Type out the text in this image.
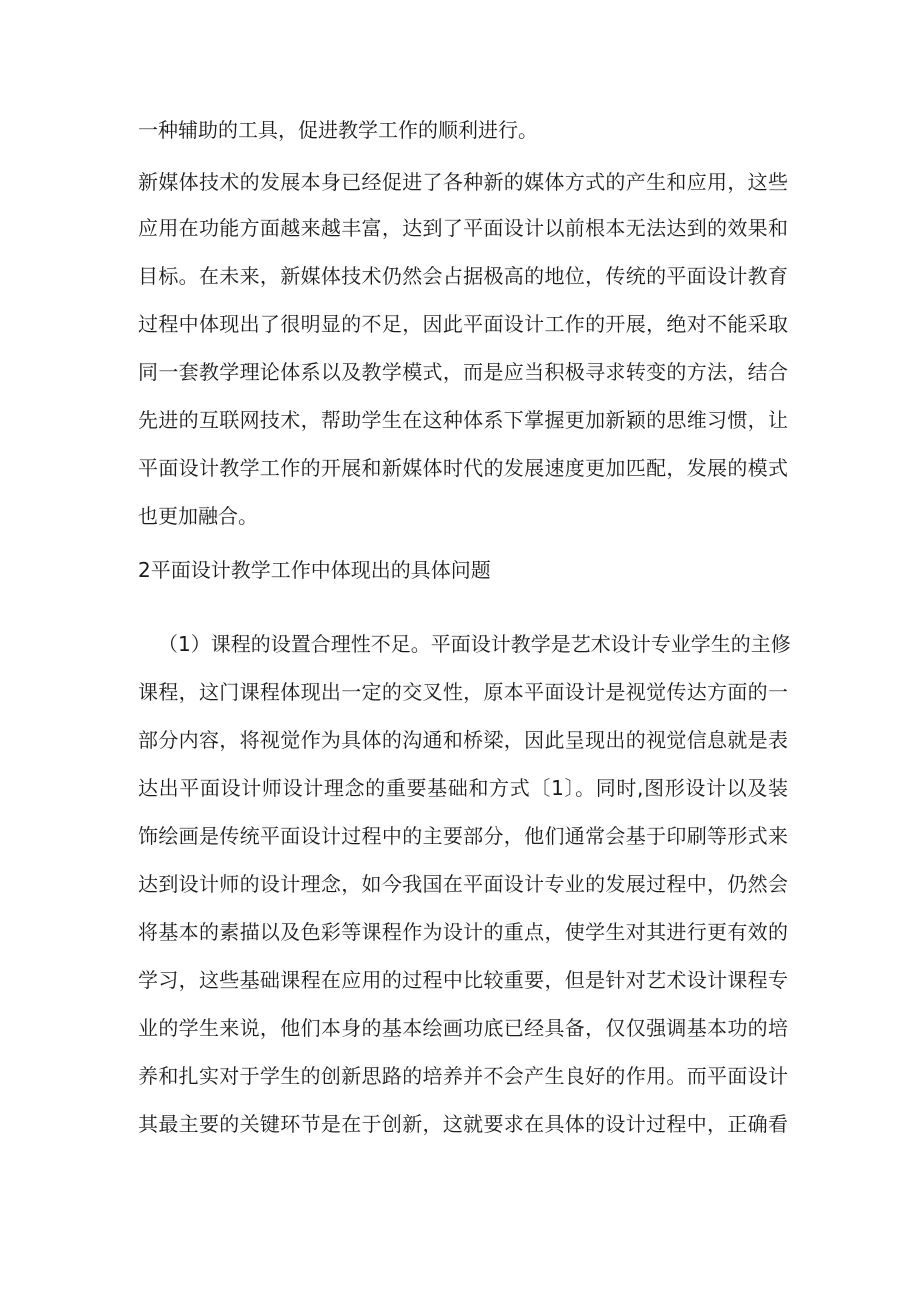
一种辅助的工具，促进教学工作的顺利进行。
新媒体技术的发展本身已经促进了各种新的媒体方式的产生和应用，这些
应用在功能方面越来越丰富，达到了平面设计以前根本无法达到的效果和
目标。在未来，新媒体技术仍然会占据极高的地位，传统的平面设计教育
过程中体现出了很明显的不足，因此平面设计工作的开展，绝对不能采取
同一套教学理论体系以及教学模式，而是应当积极寻求转变的方法，结合
先进的互联网技术，帮助学生在这种体系下掌握更加新颖的思维习惯，让
平面设计教学工作的开展和新媒体时代的发展速度更加匹配，发展的模式
也更加融合。
2平面设计教学工作中体现出的具体问题
（1）课程的设置合理性不足。平面设计教学是艺术设计专业学生的主修
课程，这门课程体现出一定的交叉性，原本平面设计是视觉传达方面的一
部分内容，将视觉作为具体的沟通和桥梁，因此呈现出的视觉信息就是表
达出平面设计师设计理念的重要基础和方式〔1〕。同时,图形设计以及装
饰绘画是传统平面设计过程中的主要部分，他们通常会基于印刷等形式来
达到设计师的设计理念，如今我国在平面设计专业的发展过程中，仍然会
将基本的素描以及色彩等课程作为设计的重点，使学生对其进行更有效的
学习，这些基础课程在应用的过程中比较重要，但是针对艺术设计课程专
业的学生来说，他们本身的基本绘画功底已经具备，仅仅强调基本功的培
养和扎实对于学生的创新思路的培养并不会产生良好的作用。而平面设计
其最主要的关键环节是在于创新，这就要求在具体的设计过程中，正确看
